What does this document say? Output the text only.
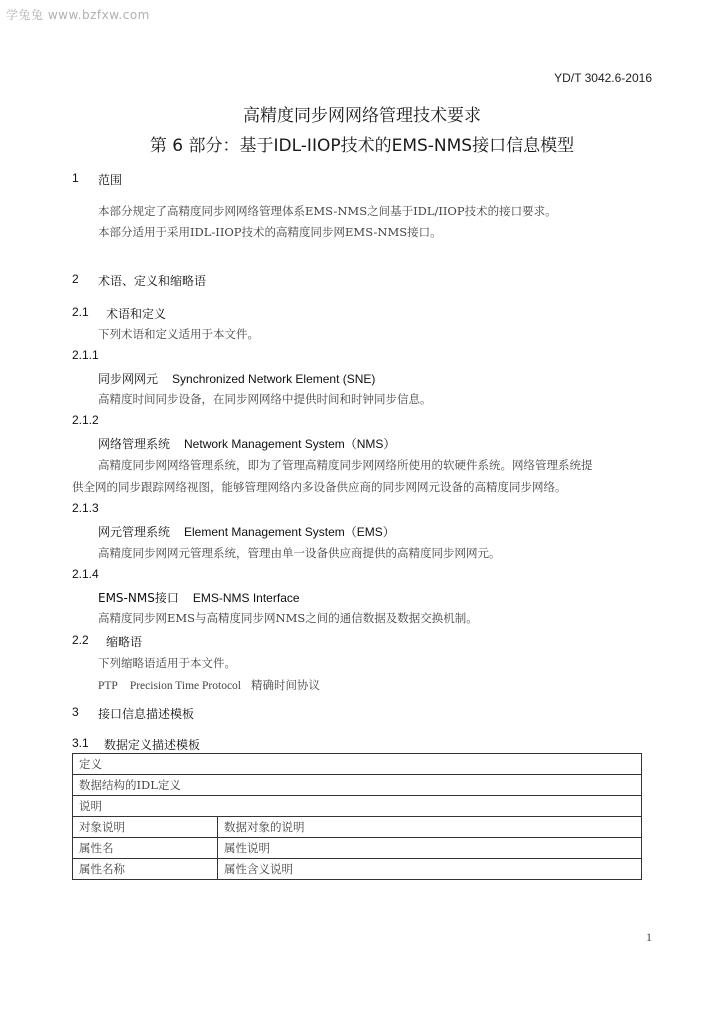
学兔兔 www.bzfxw.com
YD/T 3042.6-2016
高精度同步网网络管理技术要求
第 6 部分：基于IDL-IIOP技术的EMS-NMS接口信息模型
1 范围
本部分规定了高精度同步网网络管理体系EMS-NMS之间基于IDL/IIOP技术的接口要求。
本部分适用于采用IDL-IIOP技术的高精度同步网EMS-NMS接口。
2 术语、定义和缩略语
2.1 术语和定义
下列术语和定义适用于本文件。
2.1.1
同步网网元 Synchronized Network Element (SNE)
高精度时间同步设备，在同步网网络中提供时间和时钟同步信息。
2.1.2
网络管理系统 Network Management System（NMS）
高精度同步网网络管理系统，即为了管理高精度同步网网络所使用的软硬件系统。网络管理系统提
供全网的同步跟踪网络视图，能够管理网络内多设备供应商的同步网网元设备的高精度同步网络。
2.1.3
网元管理系统 Element Management System（EMS）
高精度同步网网元管理系统，管理由单一设备供应商提供的高精度同步网网元。
2.1.4
EMS-NMS接口 EMS-NMS Interface
高精度同步网EMS与高精度同步网NMS之间的通信数据及数据交换机制。
2.2 缩略语
下列缩略语适用于本文件。
PTP Precision Time Protocol 精确时间协议
3 接口信息描述模板
3.1 数据定义描述模板
定义	
数据结构的IDL定义	
说明	
对象说明	数据对象的说明
属性名	属性说明
属性名称	属性含义说明
1
